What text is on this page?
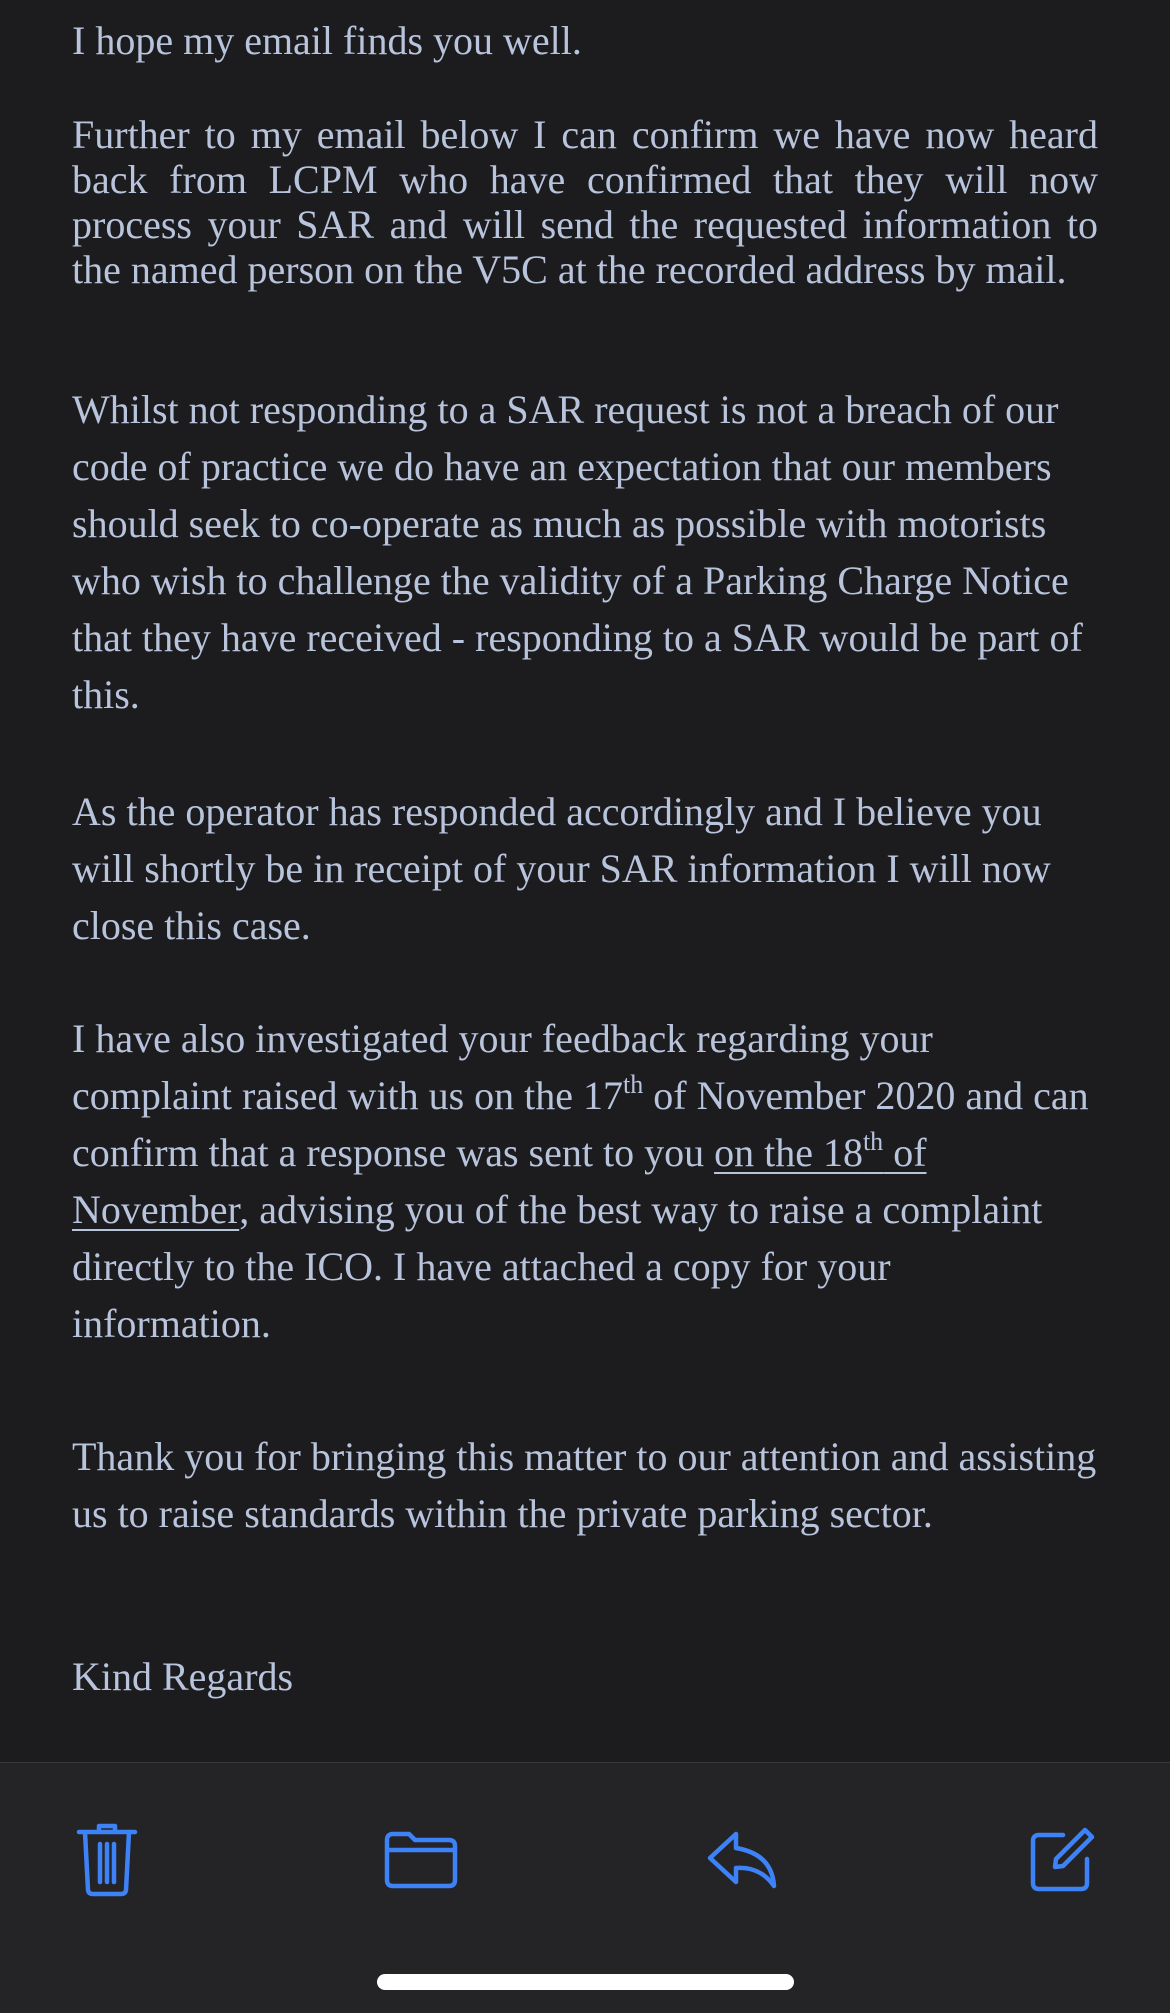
I hope my email finds you well.

Further to my email below I can confirm we have now heard back from LCPM who have confirmed that they will now process your SAR and will send the requested information to the named person on the V5C at the recorded address by mail.

Whilst not responding to a SAR request is not a breach of our code of practice we do have an expectation that our members should seek to co-operate as much as possible with motorists who wish to challenge the validity of a Parking Charge Notice that they have received - responding to a SAR would be part of this.

As the operator has responded accordingly and I believe you will shortly be in receipt of your SAR information I will now close this case.

I have also investigated your feedback regarding your complaint raised with us on the 17th of November 2020 and can confirm that a response was sent to you on the 18th of November, advising you of the best way to raise a complaint directly to the ICO. I have attached a copy for your information.

Thank you for bringing this matter to our attention and assisting us to raise standards within the private parking sector.

Kind Regards
